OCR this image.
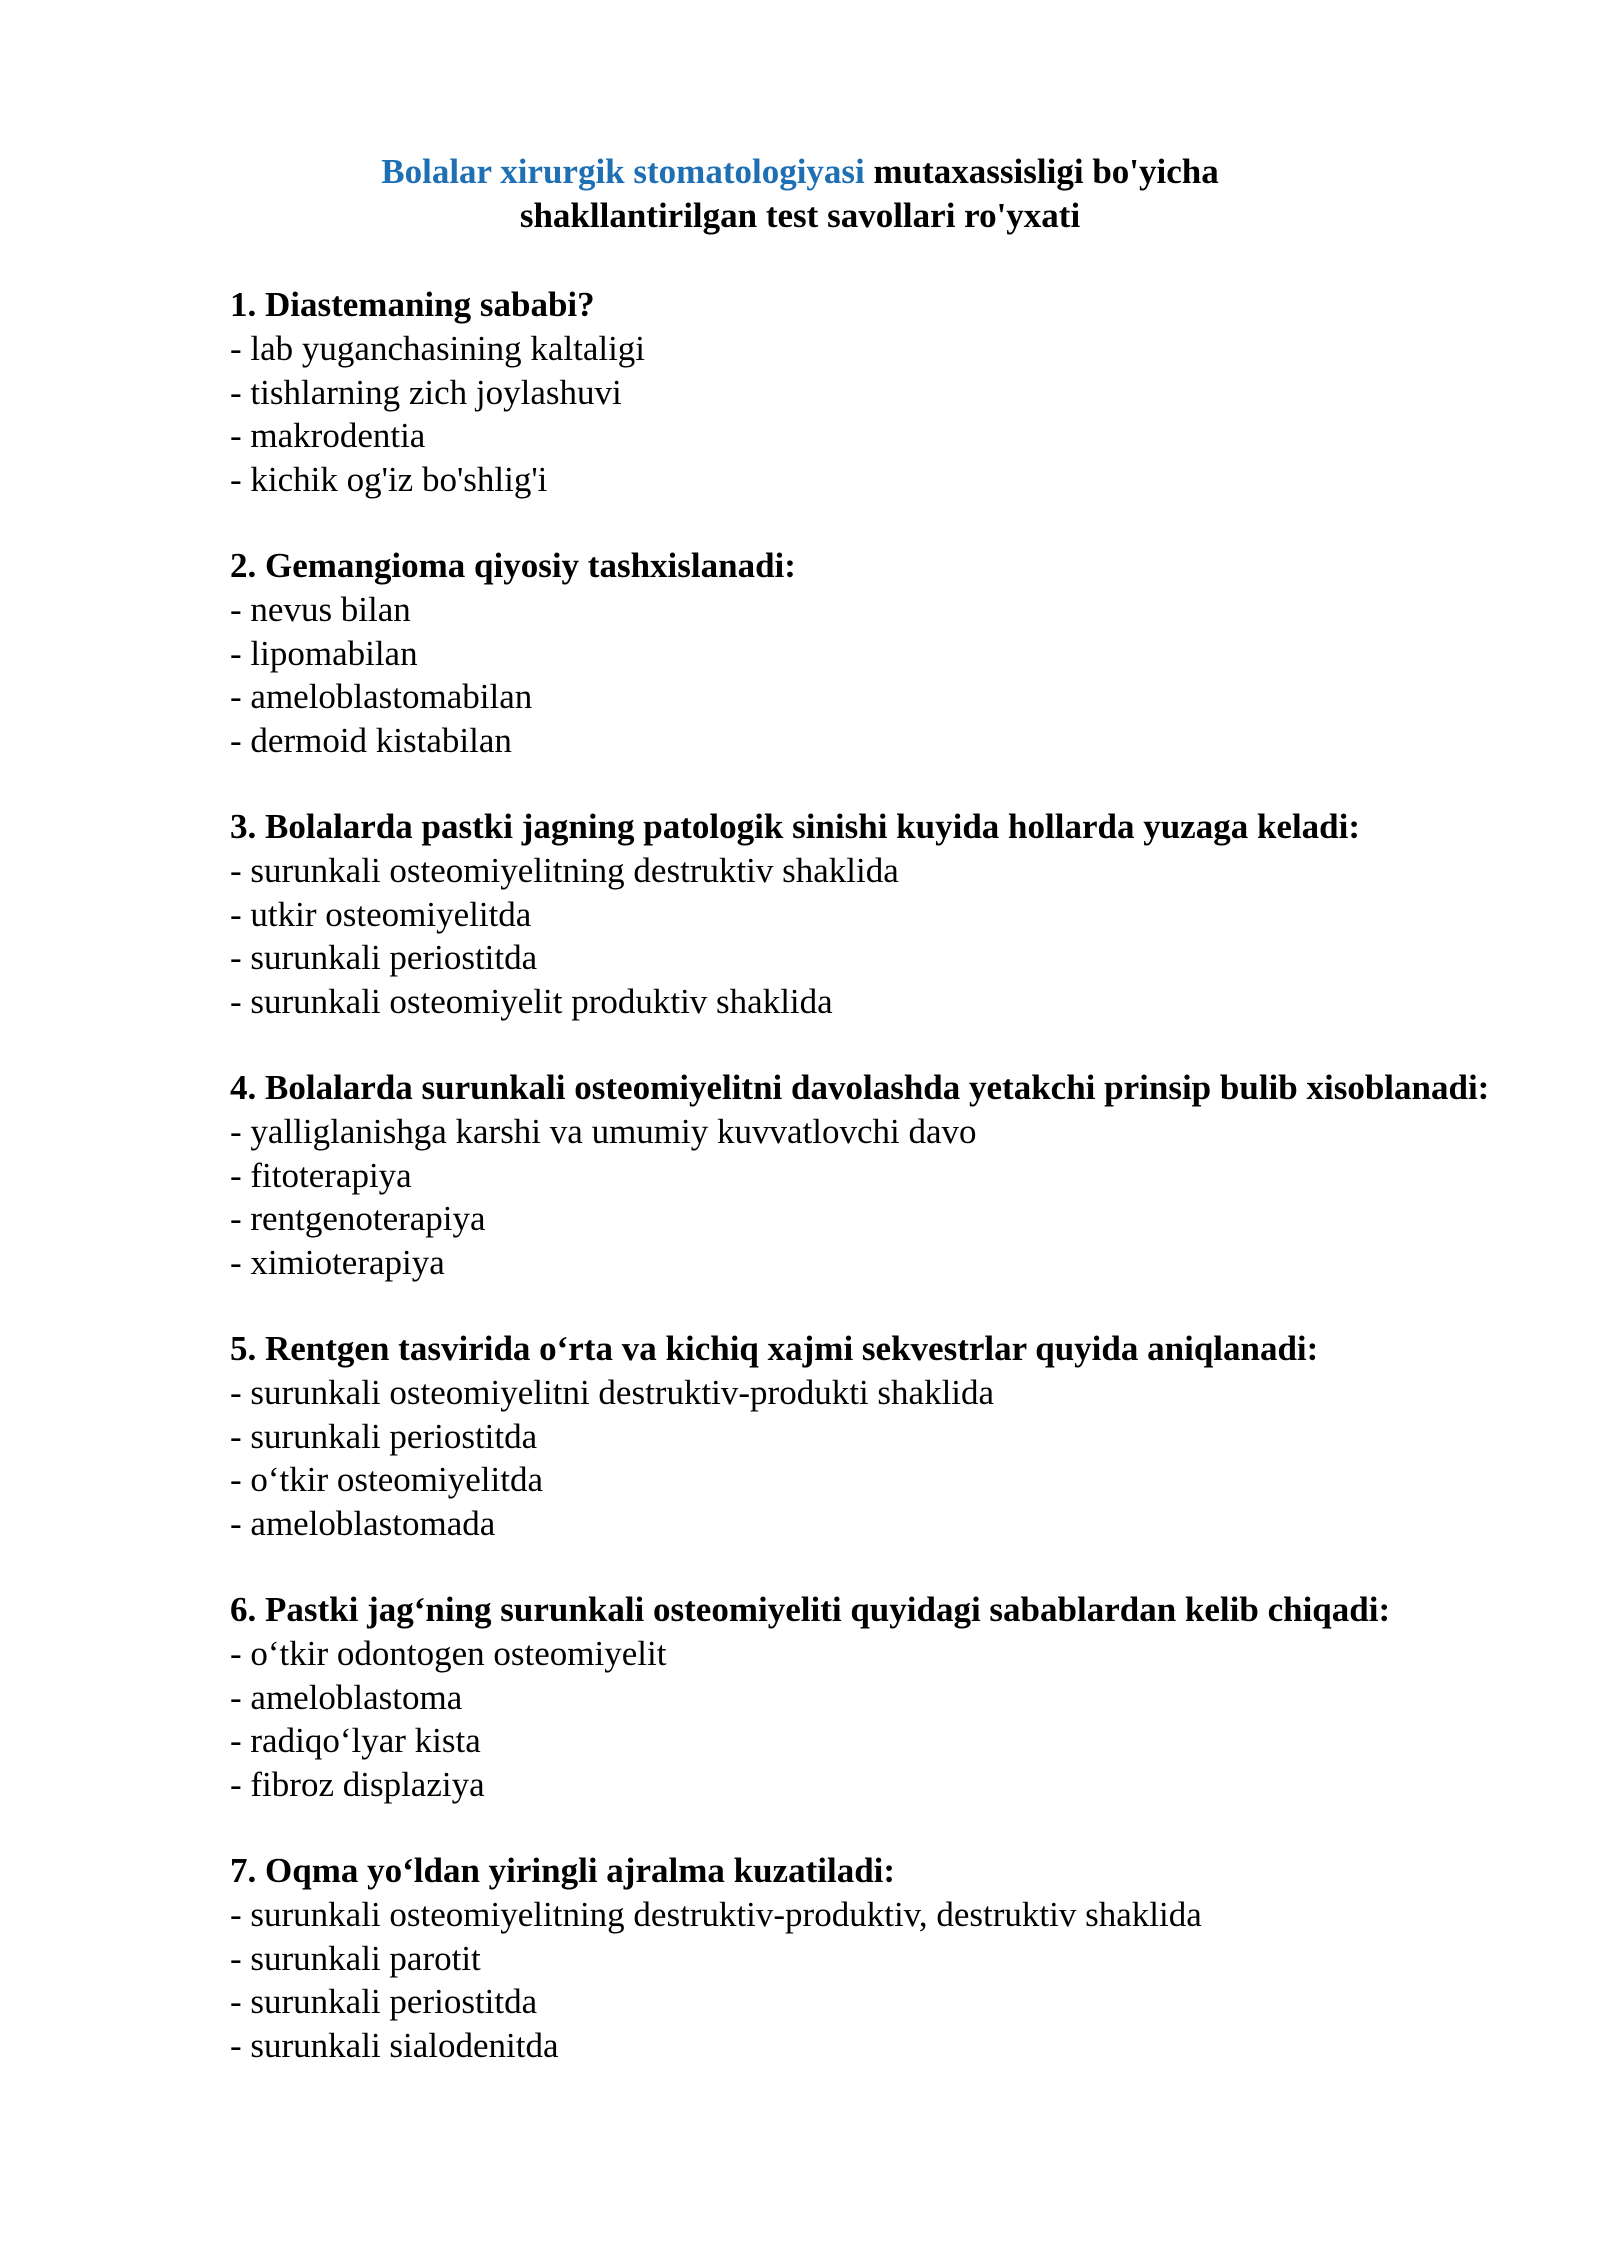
Bolalar xirurgik stomatologiyasi mutaxassisligi bo'yicha
shakllantirilgan test savollari ro'yxati

1. Diastemaning sababi?

- lab yuganchasining kaltaligi
- tishlarning zich joylashuvi
- makrodentia
- kichik og'iz bo'shlig'i

2. Gemangioma qiyosiy tashxislanadi:

- nevus bilan
- lipomabilan
- ameloblastomabilan
- dermoid kistabilan

3. Bolalarda pastki jagning patologik sinishi kuyida hollarda yuzaga keladi:

- surunkali osteomiyelitning destruktiv shaklida
- utkir osteomiyelitda
- surunkali periostitda
- surunkali osteomiyelit produktiv shaklida

4. Bolalarda surunkali osteomiyelitni davolashda yetakchi prinsip bulib xisoblanadi:

- yalliglanishga karshi va umumiy kuvvatlovchi davo
- fitoterapiya
- rentgenoterapiya
- ximioterapiya

5. Rentgen tasvirida o‘rta va kichiq xajmi sekvestrlar quyida aniqlanadi:

- surunkali osteomiyelitni destruktiv-produkti shaklida
- surunkali periostitda
- o‘tkir osteomiyelitda
- ameloblastomada

6. Pastki jag‘ning surunkali osteomiyeliti quyidagi sabablardan kelib chiqadi:

- o‘tkir odontogen osteomiyelit
- ameloblastoma
- radiqo‘lyar kista
- fibroz displaziya

7. Oqma yo‘ldan yiringli ajralma kuzatiladi:

- surunkali osteomiyelitning destruktiv-produktiv, destruktiv shaklida
- surunkali parotit
- surunkali periostitda
- surunkali sialodenitda
